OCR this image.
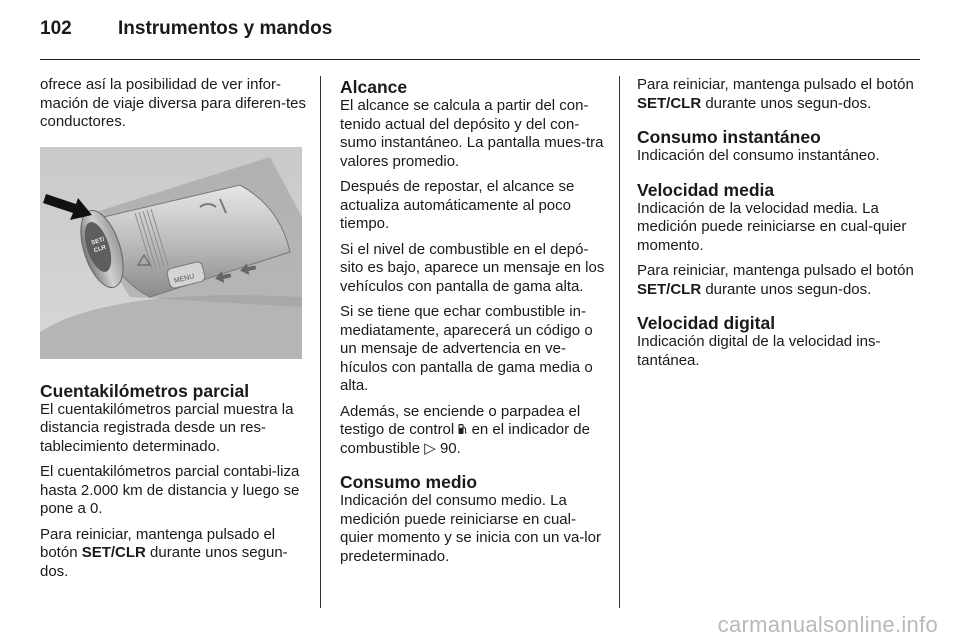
102 Instrumentos y mandos

ofrece así la posibilidad de ver infor-mación de viaje diversa para diferen-tes conductores.

MENU
SET/
CLR
Cuentakilómetros parcial

El cuentakilómetros parcial muestra la distancia registrada desde un res-tablecimiento determinado.

El cuentakilómetros parcial contabi-liza hasta 2.000 km de distancia y luego se pone a 0.

Para reiniciar, mantenga pulsado el botón SET/CLR durante unos segun-dos.

Alcance

El alcance se calcula a partir del con-tenido actual del depósito y del con-sumo instantáneo. La pantalla mues-tra valores promedio.

Después de repostar, el alcance se actualiza automáticamente al poco tiempo.

Si el nivel de combustible en el depó-sito es bajo, aparece un mensaje en los vehículos con pantalla de gama alta.

Si se tiene que echar combustible in-mediatamente, aparecerá un código o un mensaje de advertencia en ve-hículos con pantalla de gama media o alta.

Además, se enciende o parpadea el testigo de control  en el indicador de combustible ▷ 90.

Consumo medio

Indicación del consumo medio. La medición puede reiniciarse en cual-quier momento y se inicia con un va-lor predeterminado.

Para reiniciar, mantenga pulsado el botón SET/CLR durante unos segun-dos.

Consumo instantáneo

Indicación del consumo instantáneo.

Velocidad media

Indicación de la velocidad media. La medición puede reiniciarse en cual-quier momento.

Para reiniciar, mantenga pulsado el botón SET/CLR durante unos segun-dos.

Velocidad digital

Indicación digital de la velocidad ins-tantánea.

carmanualsonline.info
